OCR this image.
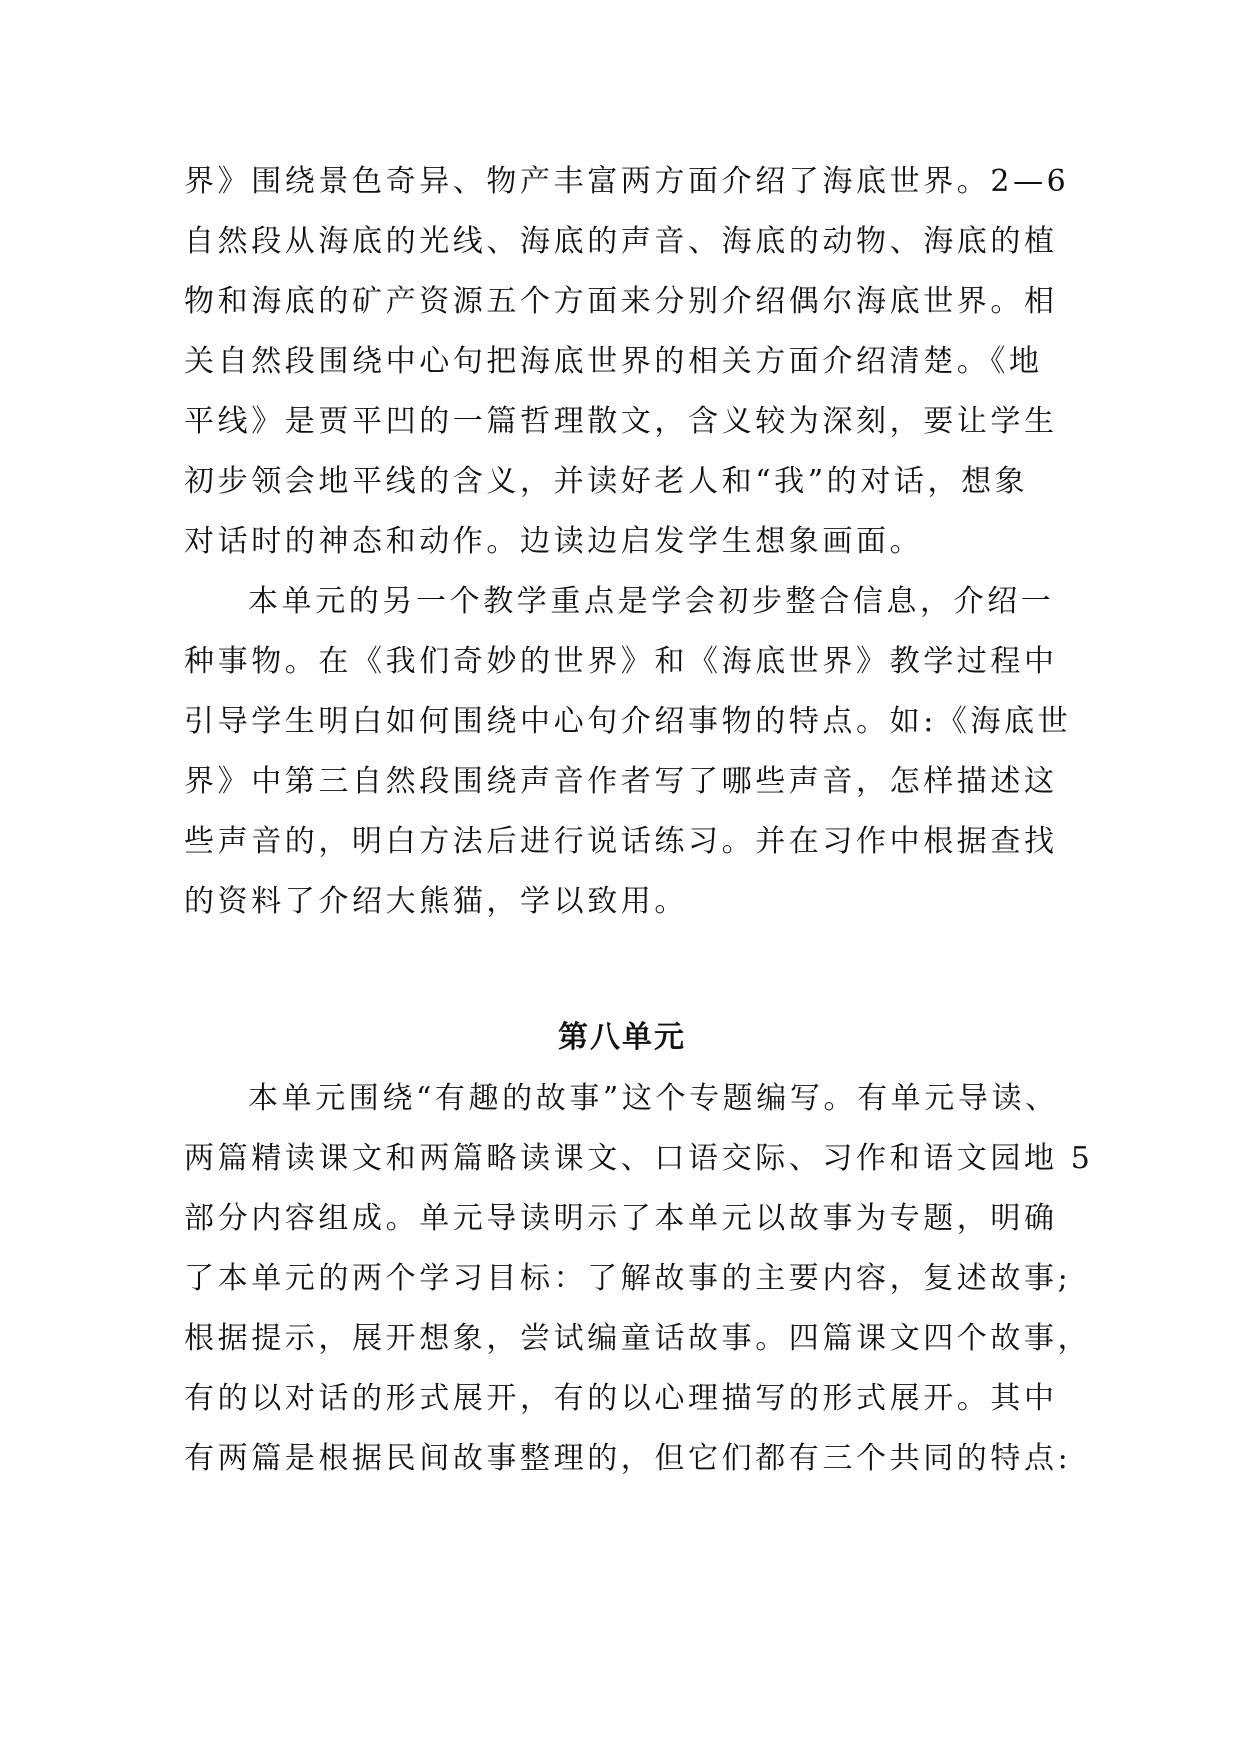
界》围绕景色奇异、物产丰富两方面介绍了海底世界。2—6
自然段从海底的光线、海底的声音、海底的动物、海底的植
物和海底的矿产资源五个方面来分别介绍偶尔海底世界。相
关自然段围绕中心句把海底世界的相关方面介绍清楚。《地
平线》是贾平凹的一篇哲理散文，含义较为深刻，要让学生
初步领会地平线的含义，并读好老人和“我”的对话，想象
对话时的神态和动作。边读边启发学生想象画面。

本单元的另一个教学重点是学会初步整合信息，介绍一
种事物。在《我们奇妙的世界》和《海底世界》教学过程中
引导学生明白如何围绕中心句介绍事物的特点。如:《海底世
界》中第三自然段围绕声音作者写了哪些声音，怎样描述这
些声音的，明白方法后进行说话练习。并在习作中根据查找
的资料了介绍大熊猫，学以致用。

第八单元

本单元围绕“有趣的故事”这个专题编写。有单元导读、
两篇精读课文和两篇略读课文、口语交际、习作和语文园地 5
部分内容组成。单元导读明示了本单元以故事为专题，明确
了本单元的两个学习目标：了解故事的主要内容，复述故事;
根据提示，展开想象，尝试编童话故事。四篇课文四个故事，
有的以对话的形式展开，有的以心理描写的形式展开。其中
有两篇是根据民间故事整理的，但它们都有三个共同的特点:
